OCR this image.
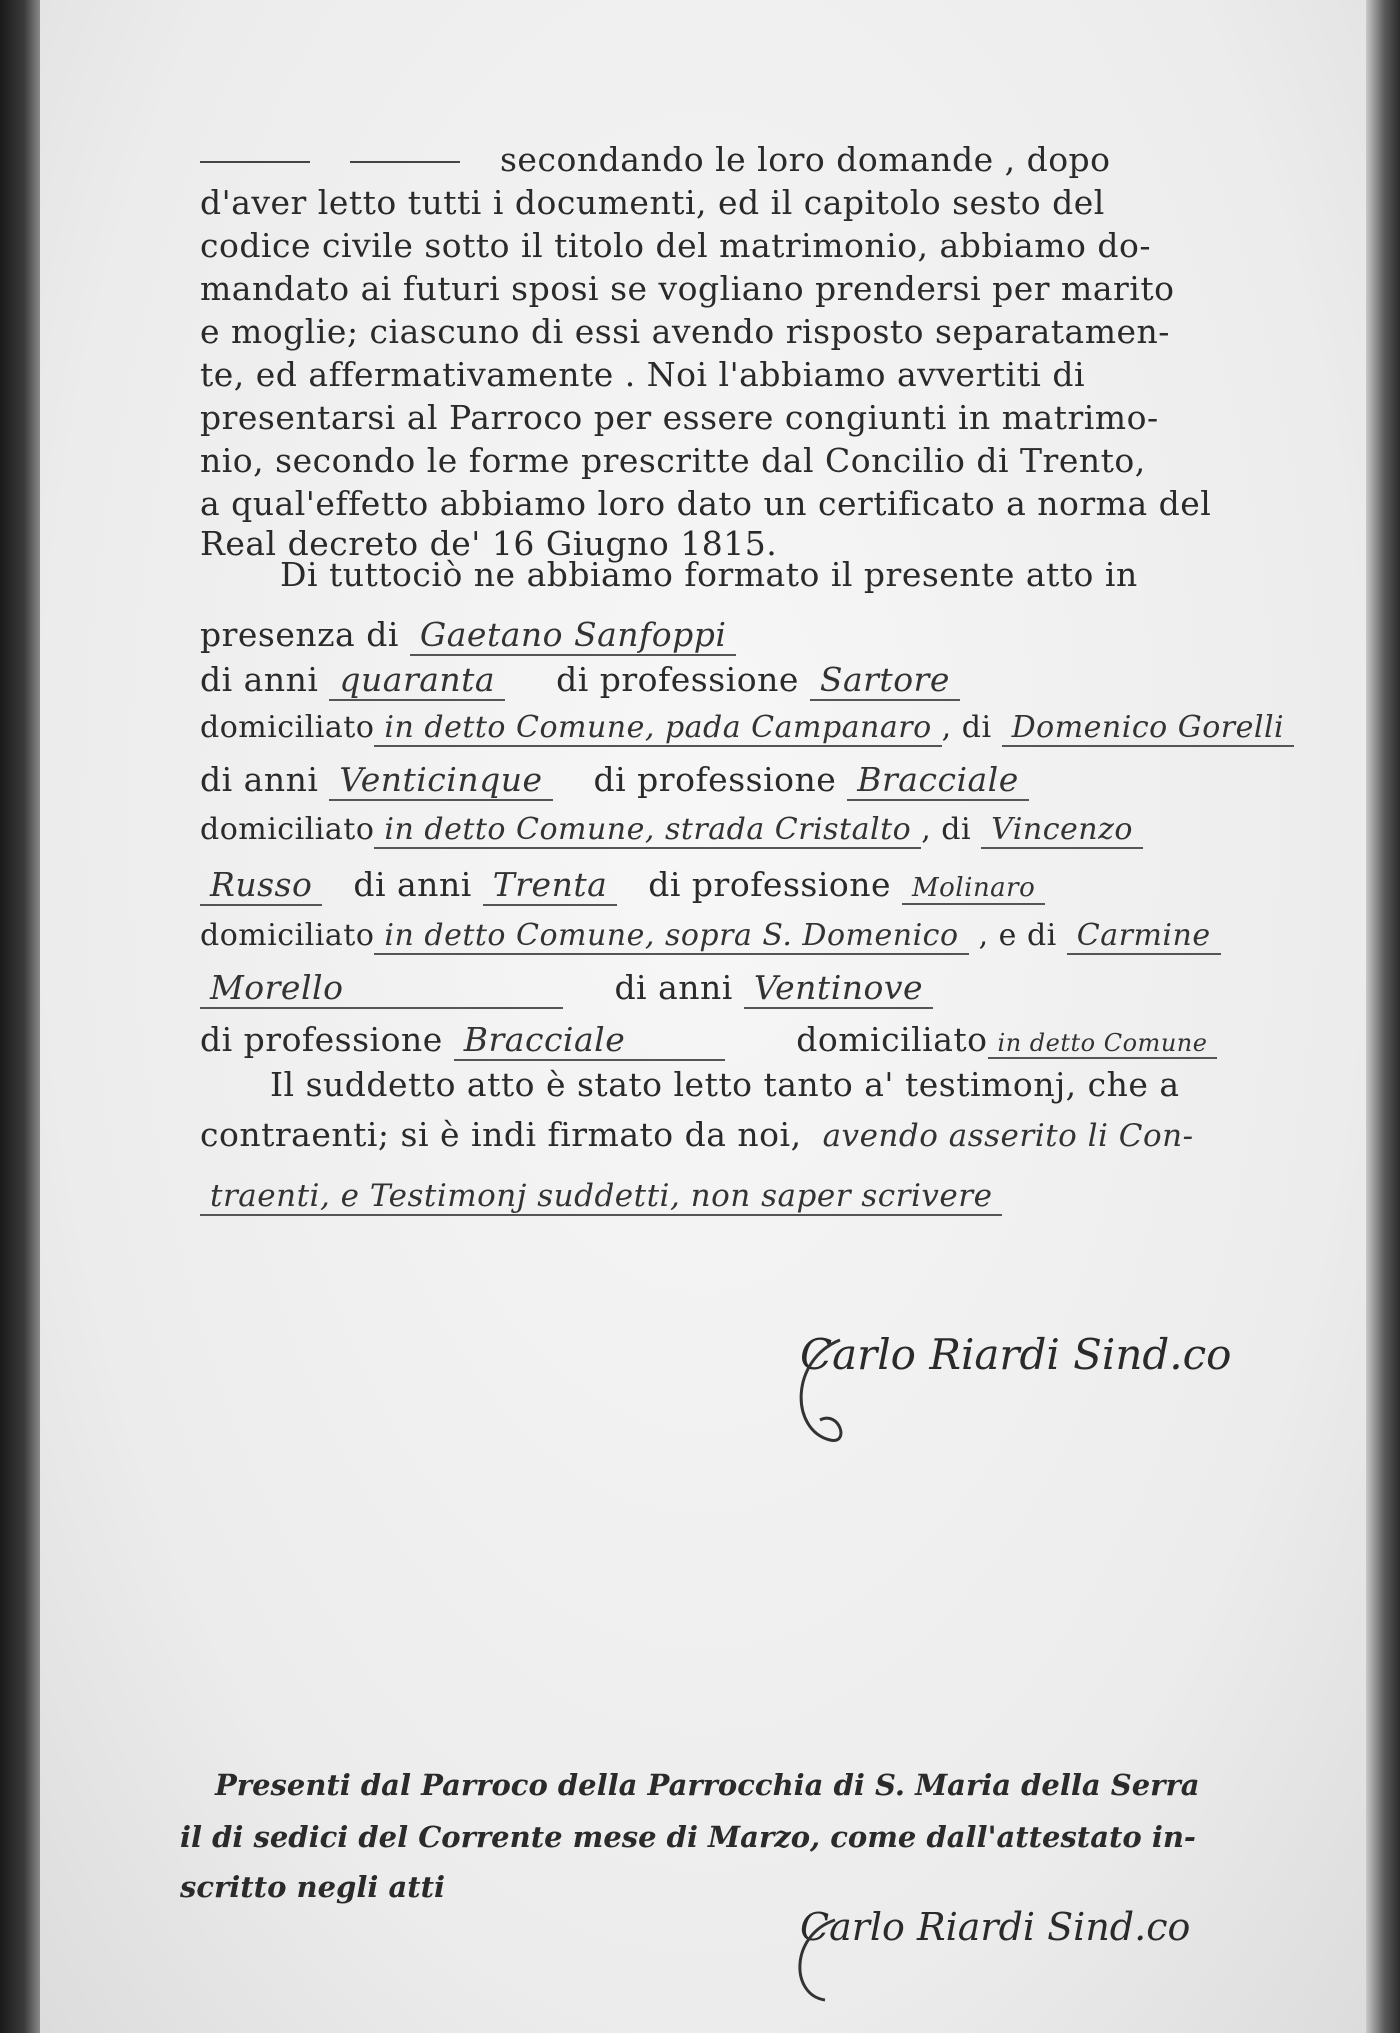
secondando le loro domande , dopo
d'aver letto tutti i documenti, ed il capitolo sesto del
codice civile sotto il titolo del matrimonio, abbiamo do-
mandato ai futuri sposi se vogliano prendersi per marito
e moglie; ciascuno di essi avendo risposto separatamen-
te, ed affermativamente . Noi l'abbiamo avvertiti di
presentarsi al Parroco per essere congiunti in matrimo-
nio, secondo le forme prescritte dal Concilio di Trento,
a qual'effetto abbiamo loro dato un certificato a norma del
Real decreto de' 16 Giugno 1815.
Di tuttociò ne abbiamo formato il presente atto in
presenza di Gaetano Sanfoppi
di anni quaranta di professione Sartore
domiciliato in detto Comune, pada Campanaro , di Domenico Gorelli
di anni Venticinque di professione Bracciale
domiciliato in detto Comune, strada Cristalto , di Vincenzo
Russo di anni Trenta di professione Molinaro
domiciliato in detto Comune, sopra S. Domenico , e di Carmine
Morello	di anni Ventinove
di professione Bracciale	domiciliato in detto Comune
Il suddetto atto è stato letto tanto a' testimonj, che a
contraenti; si è indi firmato da noi, avendo asserito li Con-
traenti, e Testimonj suddetti, non saper scrivere
Carlo Riardi Sind.co
Presenti dal Parroco della Parrocchia di S. Maria della Serra
il di sedici del Corrente mese di Marzo, come dall'attestato in-
scritto negli atti
Carlo Riardi Sind.co
